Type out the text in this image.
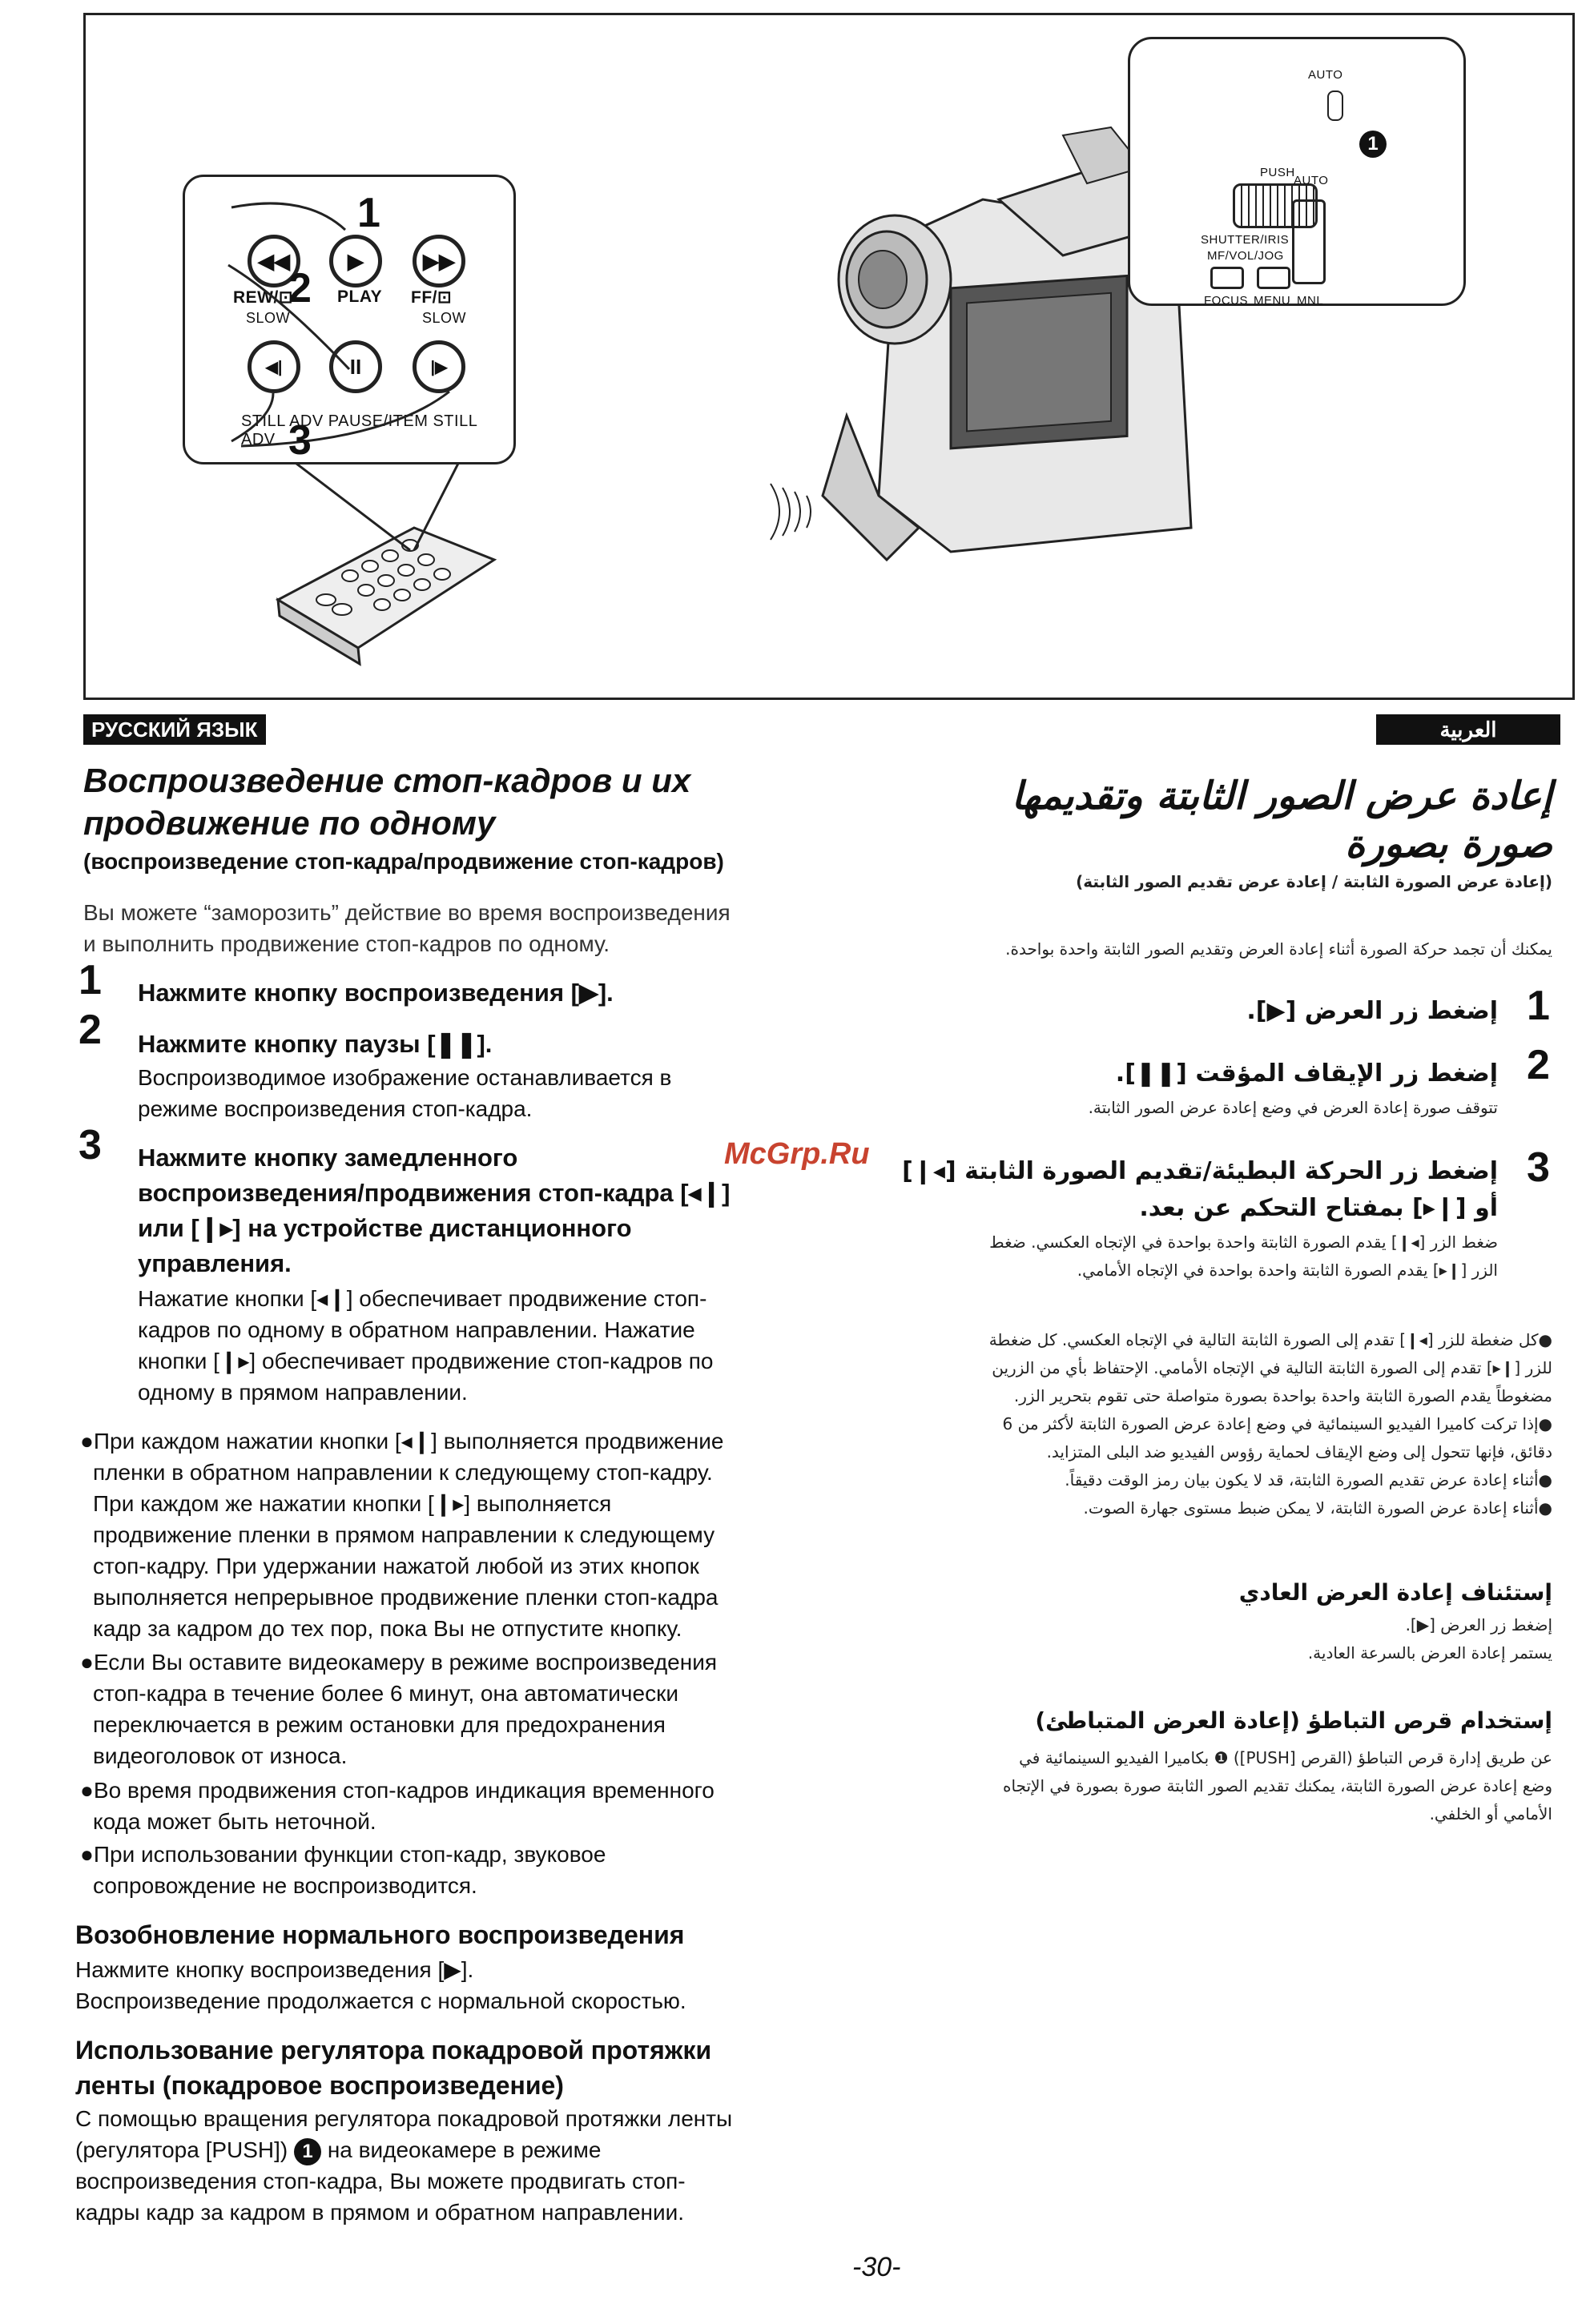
◀◀	▶	▶▶
REW/⊡	PLAY FF/⊡
SLOW	SLOW
◀|	II	|▶
STILL ADV PAUSE/ITEM STILL ADV
1
2
3
AUTO
1
PUSH
AUTO
SHUTTER/IRIS
MF/VOL/JOG
FOCUS MENU MNL
РУССКИЙ ЯЗЫК	العربية
Воспроизведение стоп-кадров и их
продвижение по одному
(воспроизведение стоп-кадра/продвижение стоп-кадров)
Вы можете “заморозить” действие во время воспроизведения
и выполнить продвижение стоп-кадров по одному.
1 Нажмите кнопку воспроизведения [▶].
2 Нажмите кнопку паузы [❚❚].
Воспроизводимое изображение останавливается в
режиме воспроизведения стоп-кадра.
3 Нажмите кнопку замедленного
воспроизведения/продвижения стоп-кадра [◂❙]
или [❙▸] на устройстве дистанционного
управления.
Нажатие кнопки [◂❙] обеспечивает продвижение стоп-
кадров по одному в обратном направлении. Нажатие
кнопки [❙▸] обеспечивает продвижение стоп-кадров по
одному в прямом направлении.
●При каждом нажатии кнопки [◂❙] выполняется продвижение
пленки в обратном направлении к следующему стоп-кадру.
При каждом же нажатии кнопки [❙▸] выполняется
продвижение пленки в прямом направлении к следующему
стоп-кадру. При удержании нажатой любой из этих кнопок
выполняется непрерывное продвижение пленки стоп-кадра
кадр за кадром до тех пор, пока Вы не отпустите кнопку.
●Если Вы оставите видеокамеру в режиме воспроизведения
стоп-кадра в течение более 6 минут, она автоматически
переключается в режим остановки для предохранения
видеоголовок от износа.
●Во время продвижения стоп-кадров индикация временного
кода может быть неточной.
●При использовании функции стоп-кадр, звуковое
сопровождение не воспроизводится.
Возобновление нормального воспроизведения
Нажмите кнопку воспроизведения [▶].
Воспроизведение продолжается с нормальной скоростью.
Использование регулятора покадровой протяжки
ленты (покадровое воспроизведение)
С помощью вращения регулятора покадровой протяжки ленты
(регулятора [PUSH]) 1 на видеокамере в режиме
воспроизведения стоп-кадра, Вы можете продвигать стоп-
кадры кадр за кадром в прямом и обратном направлении.
McGrp.Ru
إعادة عرض الصور الثابتة وتقديمها
صورة بصورة
(إعادة عرض الصورة الثابتة / إعادة عرض تقديم الصور الثابتة)
يمكنك أن تجمد حركة الصورة أثناء إعادة العرض وتقديم الصور الثابتة واحدة بواحدة.
1
إضغط زر العرض [▶].
2
إضغط زر الإيقاف المؤقت [❚❚].
تتوقف صورة إعادة العرض في وضع إعادة عرض الصور الثابتة.
3
إضغط زر الحركة البطيئة/تقديم الصورة الثابتة [◂❙]
أو [❙▸] بمفتاح التحكم عن بعد.
ضغط الزر [◂❙] يقدم الصورة الثابتة واحدة بواحدة في الإتجاه العكسي. ضغط
الزر [❙▸] يقدم الصورة الثابتة واحدة بواحدة في الإتجاه الأمامي.
●كل ضغطة للزر [◂❙] تقدم إلى الصورة الثابتة التالية في الإتجاه العكسي. كل ضغطة
للزر [❙▸] تقدم إلى الصورة الثابتة التالية في الإتجاه الأمامي. الإحتفاظ بأي من الزرين
مضغوطاً يقدم الصورة الثابتة واحدة بواحدة بصورة متواصلة حتى تقوم بتحرير الزر.
●إذا تركت كاميرا الفيديو السينمائية في وضع إعادة عرض الصورة الثابتة لأكثر من 6
دقائق، فإنها تتحول إلى وضع الإيقاف لحماية رؤوس الفيديو ضد البلى المتزايد.
●أثناء إعادة عرض تقديم الصورة الثابتة، قد لا يكون بيان رمز الوقت دقيقاً.
●أثناء إعادة عرض الصورة الثابتة، لا يمكن ضبط مستوى جهارة الصوت.
إستئناف إعادة العرض العادي
إضغط زر العرض [▶].
يستمر إعادة العرض بالسرعة العادية.
إستخدام قرص التباطؤ (إعادة العرض المتباطئ)
عن طريق إدارة قرص التباطؤ (القرص [PUSH]) ❶ بكاميرا الفيديو السينمائية في
وضع إعادة عرض الصورة الثابتة، يمكنك تقديم الصور الثابتة صورة بصورة في الإتجاه
الأمامي أو الخلفي.
-30-
